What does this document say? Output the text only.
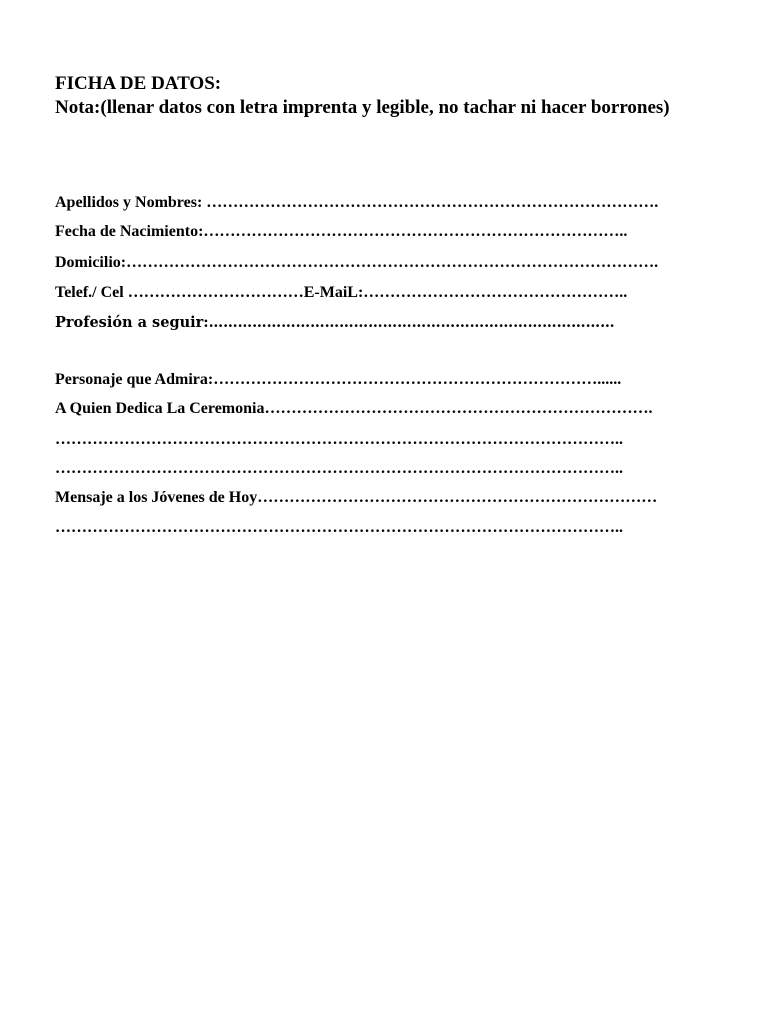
FICHA DE DATOS:
Nota:(llenar datos con letra imprenta y legible, no tachar ni hacer borrones)
Apellidos y Nombres: ………………………………………………………………………….
Fecha de Nacimiento:……………………………………………………………………..
Domicilio:……………………………………………………………………………………….
Telef./ Cel ……………………………E-MaiL:…………………………………………..
Profesión a seguir:…………………………………………………………………………
Personaje que Admira:………………………………………………………………......
A Quien Dedica La Ceremonia……………………………………………………………….
……………………………………………………………………………………………..
……………………………………………………………………………………………..
Mensaje a los Jóvenes de Hoy…………………………………………………………………
……………………………………………………………………………………………..
